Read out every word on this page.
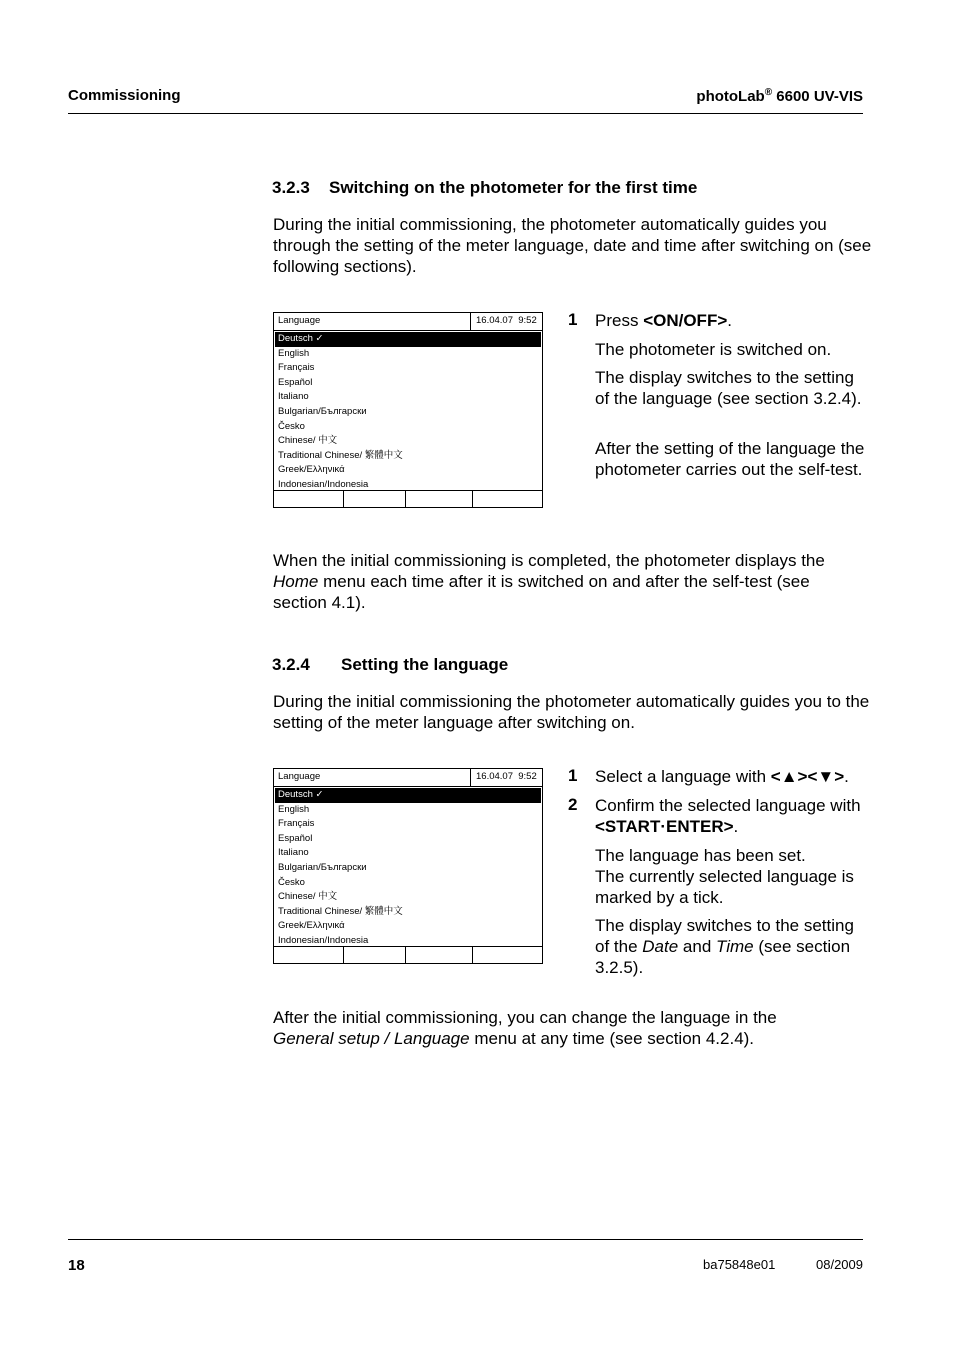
Commissioning	photoLab® 6600 UV-VIS
3.2.3 Switching on the photometer for the first time
During the initial commissioning, the photometer automatically guides you through the setting of the meter language, date and time after switching on (see following sections).
Language	16.04.07  9:52
Deutsch ✓
English
Français
Español
Italiano
Bulgarian/Български
Česko
Chinese/ 中文
Traditional Chinese/ 繁體中文
Greek/Ελληνικά
Indonesian/Indonesia
1 Press <ON/OFF>.
The photometer is switched on.
The display switches to the setting of the language (see section 3.2.4).
After the setting of the language the photometer carries out the self-test.
When the initial commissioning is completed, the photometer displays the Home menu each time after it is switched on and after the self-test (see section 4.1).
3.2.4 Setting the language
During the initial commissioning the photometer automatically guides you to the setting of the meter language after switching on.
Language	16.04.07  9:52
Deutsch ✓
English
Français
Español
Italiano
Bulgarian/Български
Česko
Chinese/ 中文
Traditional Chinese/ 繁體中文
Greek/Ελληνικά
Indonesian/Indonesia
1 Select a language with <▲><▼>.
2 Confirm the selected language with <START·ENTER>.
The language has been set.
The currently selected language is marked by a tick.
The display switches to the setting of the Date and Time (see section 3.2.5).
After the initial commissioning, you can change the language in the General setup / Language menu at any time (see section 4.2.4).
18	ba75848e01	08/2009
